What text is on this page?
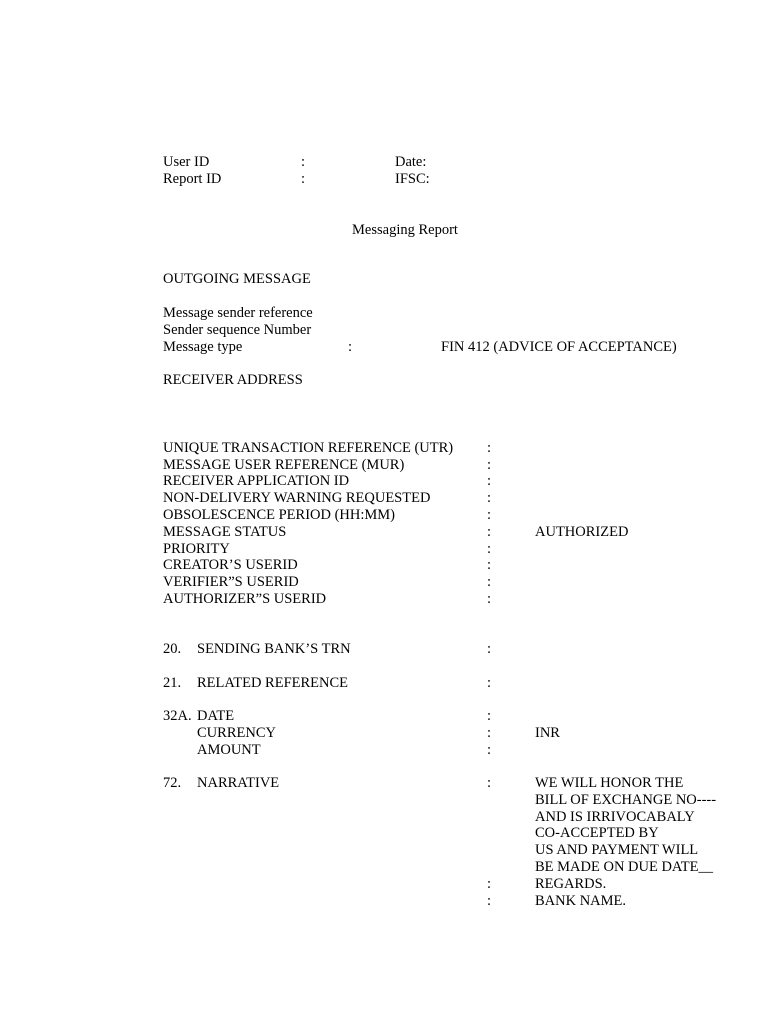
User ID	:	Date:
Report ID	:	IFSC:
Messaging Report
OUTGOING MESSAGE
Message sender reference
Sender sequence Number
Message type	:	FIN 412 (ADVICE OF ACCEPTANCE)
RECEIVER ADDRESS
UNIQUE TRANSACTION REFERENCE (UTR) :
MESSAGE USER REFERENCE (MUR)	:
RECEIVER APPLICATION ID	:
NON-DELIVERY WARNING REQUESTED	:
OBSOLESCENCE PERIOD (HH:MM)	:
MESSAGE STATUS	:	AUTHORIZED
PRIORITY	:
CREATOR’S USERID	:
VERIFIER”S USERID	:
AUTHORIZER”S USERID	:
20. SENDING BANK’S TRN	:
21. RELATED REFERENCE	:
32A. DATE	:
CURRENCY	:	INR
AMOUNT	:
72. NARRATIVE	:	WE WILL HONOR THE
BILL OF EXCHANGE NO----
AND IS IRRIVOCABALY
CO-ACCEPTED BY
US AND PAYMENT WILL
BE MADE ON DUE DATE__
:	REGARDS.
:	BANK NAME.
